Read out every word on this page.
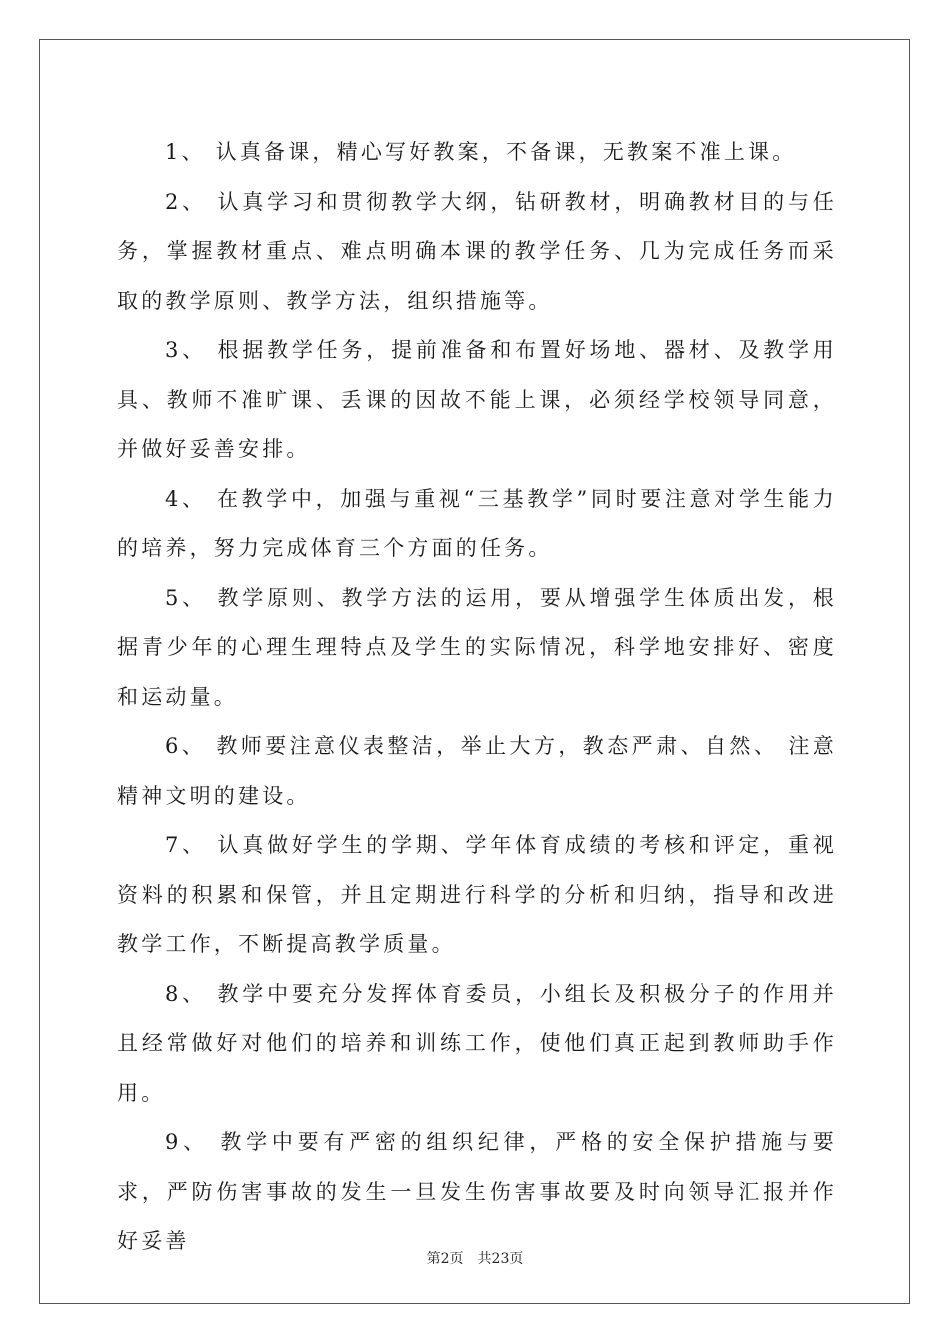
1、 认真备课，精心写好教案，不备课，无教案不准上课。

2、 认真学习和贯彻教学大纲，钻研教材，明确教材目的与任务，掌握教材重点、难点明确本课的教学任务、几为完成任务而采取的教学原则、教学方法，组织措施等。

3、 根据教学任务，提前准备和布置好场地、器材、及教学用具、教师不准旷课、丢课的因故不能上课，必须经学校领导同意，并做好妥善安排。

4、 在教学中，加强与重视“三基教学”同时要注意对学生能力的培养，努力完成体育三个方面的任务。

5、 教学原则、教学方法的运用，要从增强学生体质出发，根据青少年的心理生理特点及学生的实际情况，科学地安排好、密度和运动量。

6、 教师要注意仪表整洁，举止大方，教态严肃、自然、 注意精神文明的建设。

7、 认真做好学生的学期、学年体育成绩的考核和评定，重视资料的积累和保管，并且定期进行科学的分析和归纳，指导和改进教学工作，不断提高教学质量。

8、 教学中要充分发挥体育委员，小组长及积极分子的作用并且经常做好对他们的培养和训练工作，使他们真正起到教师助手作用。

9、 教学中要有严密的组织纪律，严格的安全保护措施与要求，严防伤害事故的发生一旦发生伤害事故要及时向领导汇报并作好妥善

第2页 共23页
